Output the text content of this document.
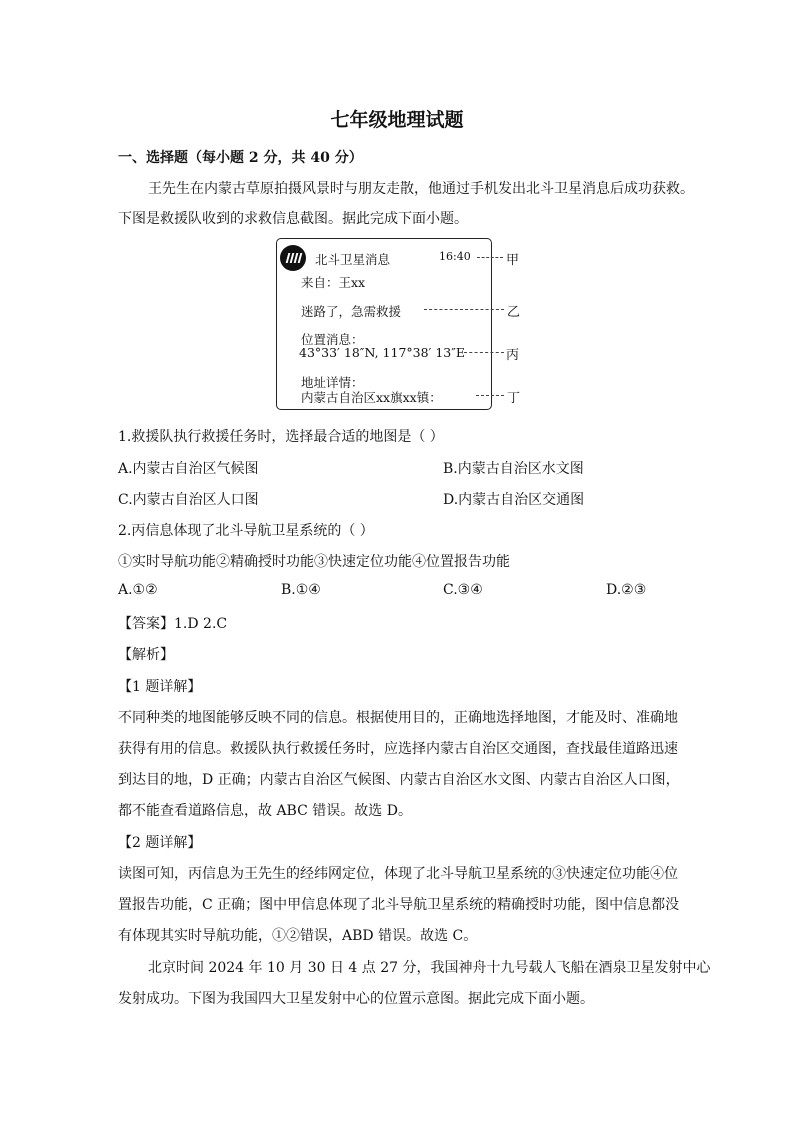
七年级地理试题
一、选择题（每小题 2 分，共 40 分）
王先生在内蒙古草原拍摄风景时与朋友走散，他通过手机发出北斗卫星消息后成功获救。
下图是救援队收到的求救信息截图。据此完成下面小题。
北斗卫星消息	16:40
来自：王xx
迷路了，急需救援
位置消息：
43°33′ 18″N, 117°38′ 13″E
地址详情：
内蒙古自治区xx旗xx镇：
甲
乙
丙
丁
1.救援队执行救援任务时，选择最合适的地图是（ ）
A.内蒙古自治区气候图	B.内蒙古自治区水文图
C.内蒙古自治区人口图	D.内蒙古自治区交通图
2.丙信息体现了北斗导航卫星系统的（ ）
①实时导航功能②精确授时功能③快速定位功能④位置报告功能
A.①②	B.①④	C.③④	D.②③
【答案】1.D 2.C
【解析】
【1 题详解】
不同种类的地图能够反映不同的信息。根据使用目的，正确地选择地图，才能及时、准确地
获得有用的信息。救援队执行救援任务时，应选择内蒙古自治区交通图，查找最佳道路迅速
到达目的地，D 正确；内蒙古自治区气候图、内蒙古自治区水文图、内蒙古自治区人口图，
都不能查看道路信息，故 ABC 错误。故选 D。
【2 题详解】
读图可知，丙信息为王先生的经纬网定位，体现了北斗导航卫星系统的③快速定位功能④位
置报告功能，C 正确；图中甲信息体现了北斗导航卫星系统的精确授时功能，图中信息都没
有体现其实时导航功能，①②错误，ABD 错误。故选 C。
北京时间 2024 年 10 月 30 日 4 点 27 分，我国神舟十九号载人飞船在酒泉卫星发射中心
发射成功。下图为我国四大卫星发射中心的位置示意图。据此完成下面小题。
